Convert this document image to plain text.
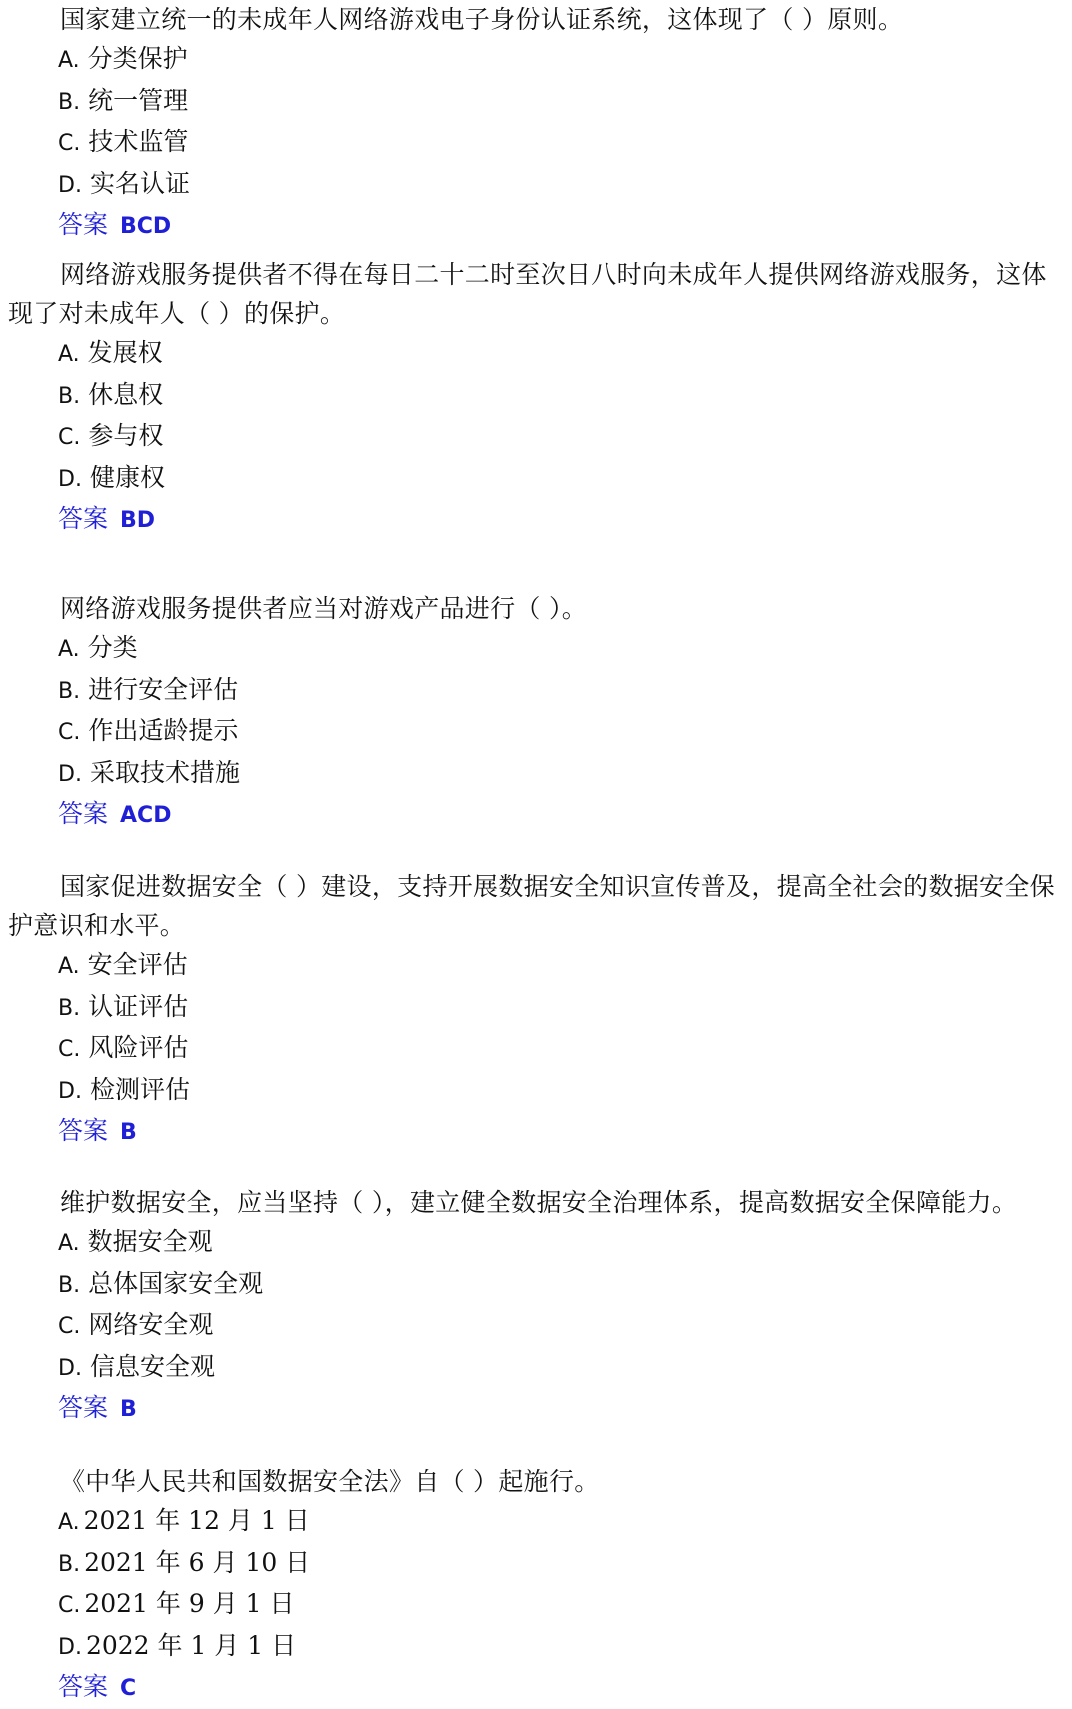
国家建立统一的未成年人网络游戏电子身份认证系统，这体现了（ ）原则。
A. 分类保护
B. 统一管理
C. 技术监管
D. 实名认证
答案 BCD
网络游戏服务提供者不得在每日二十二时至次日八时向未成年人提供网络游戏服务，这体现了对未成年人（ ）的保护。
A. 发展权
B. 休息权
C. 参与权
D. 健康权
答案 BD
网络游戏服务提供者应当对游戏产品进行（ ）。
A. 分类
B. 进行安全评估
C. 作出适龄提示
D. 采取技术措施
答案 ACD
国家促进数据安全（ ）建设，支持开展数据安全知识宣传普及，提高全社会的数据安全保护意识和水平。
A. 安全评估
B. 认证评估
C. 风险评估
D. 检测评估
答案 B
维护数据安全，应当坚持（ ），建立健全数据安全治理体系，提高数据安全保障能力。
A. 数据安全观
B. 总体国家安全观
C. 网络安全观
D. 信息安全观
答案 B
《中华人民共和国数据安全法》自（ ）起施行。
A. 2021 年 12 月 1 日
B. 2021 年 6 月 10 日
C. 2021 年 9 月 1 日
D. 2022 年 1 月 1 日
答案 C
